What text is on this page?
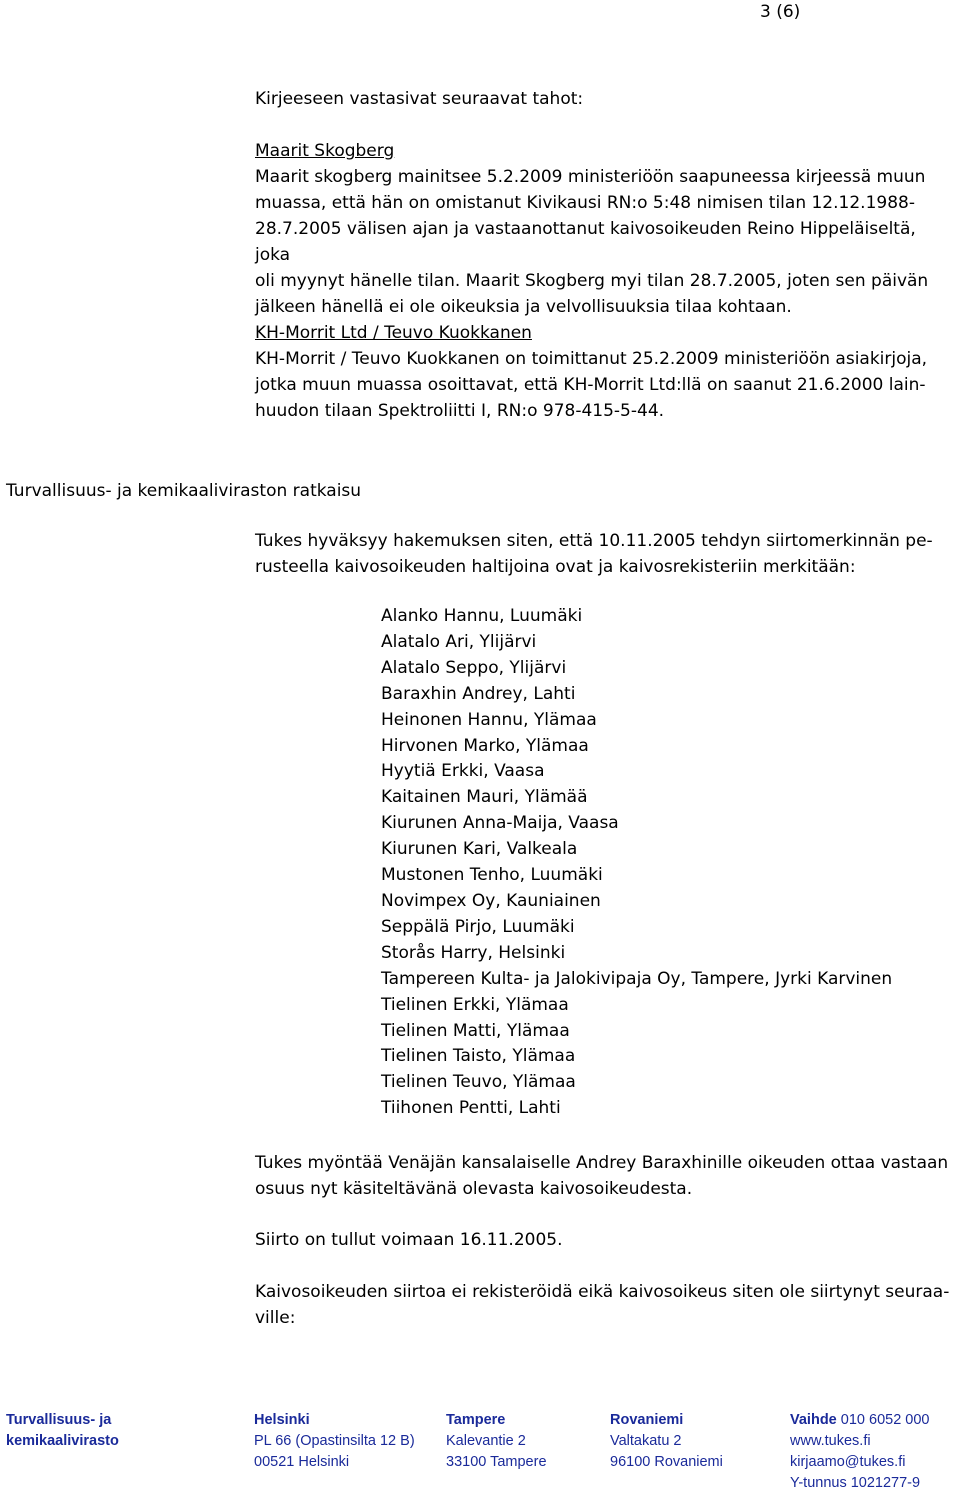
3 (6)

Kirjeeseen vastasivat seuraavat tahot:

Maarit Skogberg

Maarit skogberg mainitsee 5.2.2009 ministeriöön saapuneessa kirjeessä muun

muassa, että hän on omistanut Kivikausi RN:o 5:48 nimisen tilan 12.12.1988-

28.7.2005 välisen ajan ja vastaanottanut kaivosoikeuden Reino Hippeläiseltä, joka

oli myynyt hänelle tilan. Maarit Skogberg myi tilan 28.7.2005, joten sen päivän

jälkeen hänellä ei ole oikeuksia ja velvollisuuksia tilaa kohtaan.

KH-Morrit Ltd / Teuvo Kuokkanen

KH-Morrit / Teuvo Kuokkanen on toimittanut 25.2.2009 ministeriöön asiakirjoja,

jotka muun muassa osoittavat, että KH-Morrit Ltd:llä on saanut 21.6.2000 lain-

huudon tilaan Spektroliitti I, RN:o 978-415-5-44.

Turvallisuus- ja kemikaaliviraston ratkaisu

Tukes hyväksyy hakemuksen siten, että 10.11.2005 tehdyn siirtomerkinnän pe-

rusteella kaivosoikeuden haltijoina ovat ja kaivosrekisteriin merkitään:

Alanko Hannu, Luumäki
Alatalo Ari, Ylijärvi
Alatalo Seppo, Ylijärvi
Baraxhin Andrey, Lahti
Heinonen Hannu, Ylämaa
Hirvonen Marko, Ylämaa
Hyytiä Erkki, Vaasa
Kaitainen Mauri, Ylämää
Kiurunen Anna-Maija, Vaasa
Kiurunen Kari, Valkeala
Mustonen Tenho, Luumäki
Novimpex Oy, Kauniainen
Seppälä Pirjo, Luumäki
Storås Harry, Helsinki
Tampereen Kulta- ja Jalokivipaja Oy, Tampere, Jyrki Karvinen
Tielinen Erkki, Ylämaa
Tielinen Matti, Ylämaa
Tielinen Taisto, Ylämaa
Tielinen Teuvo, Ylämaa
Tiihonen Pentti, Lahti

Tukes myöntää Venäjän kansalaiselle Andrey Baraxhinille oikeuden ottaa vastaan

osuus nyt käsiteltävänä olevasta kaivosoikeudesta.

Siirto on tullut voimaan 16.11.2005.

Kaivosoikeuden siirtoa ei rekisteröidä eikä kaivosoikeus siten ole siirtynyt seuraa-

ville:

Turvallisuus- ja
kemikaalivirasto
Helsinki
PL 66 (Opastinsilta 12 B)
00521 Helsinki
Tampere
Kalevantie 2
33100 Tampere
Rovaniemi
Valtakatu 2
96100 Rovaniemi
Vaihde 010 6052 000
www.tukes.fi
kirjaamo@tukes.fi
Y-tunnus 1021277-9
